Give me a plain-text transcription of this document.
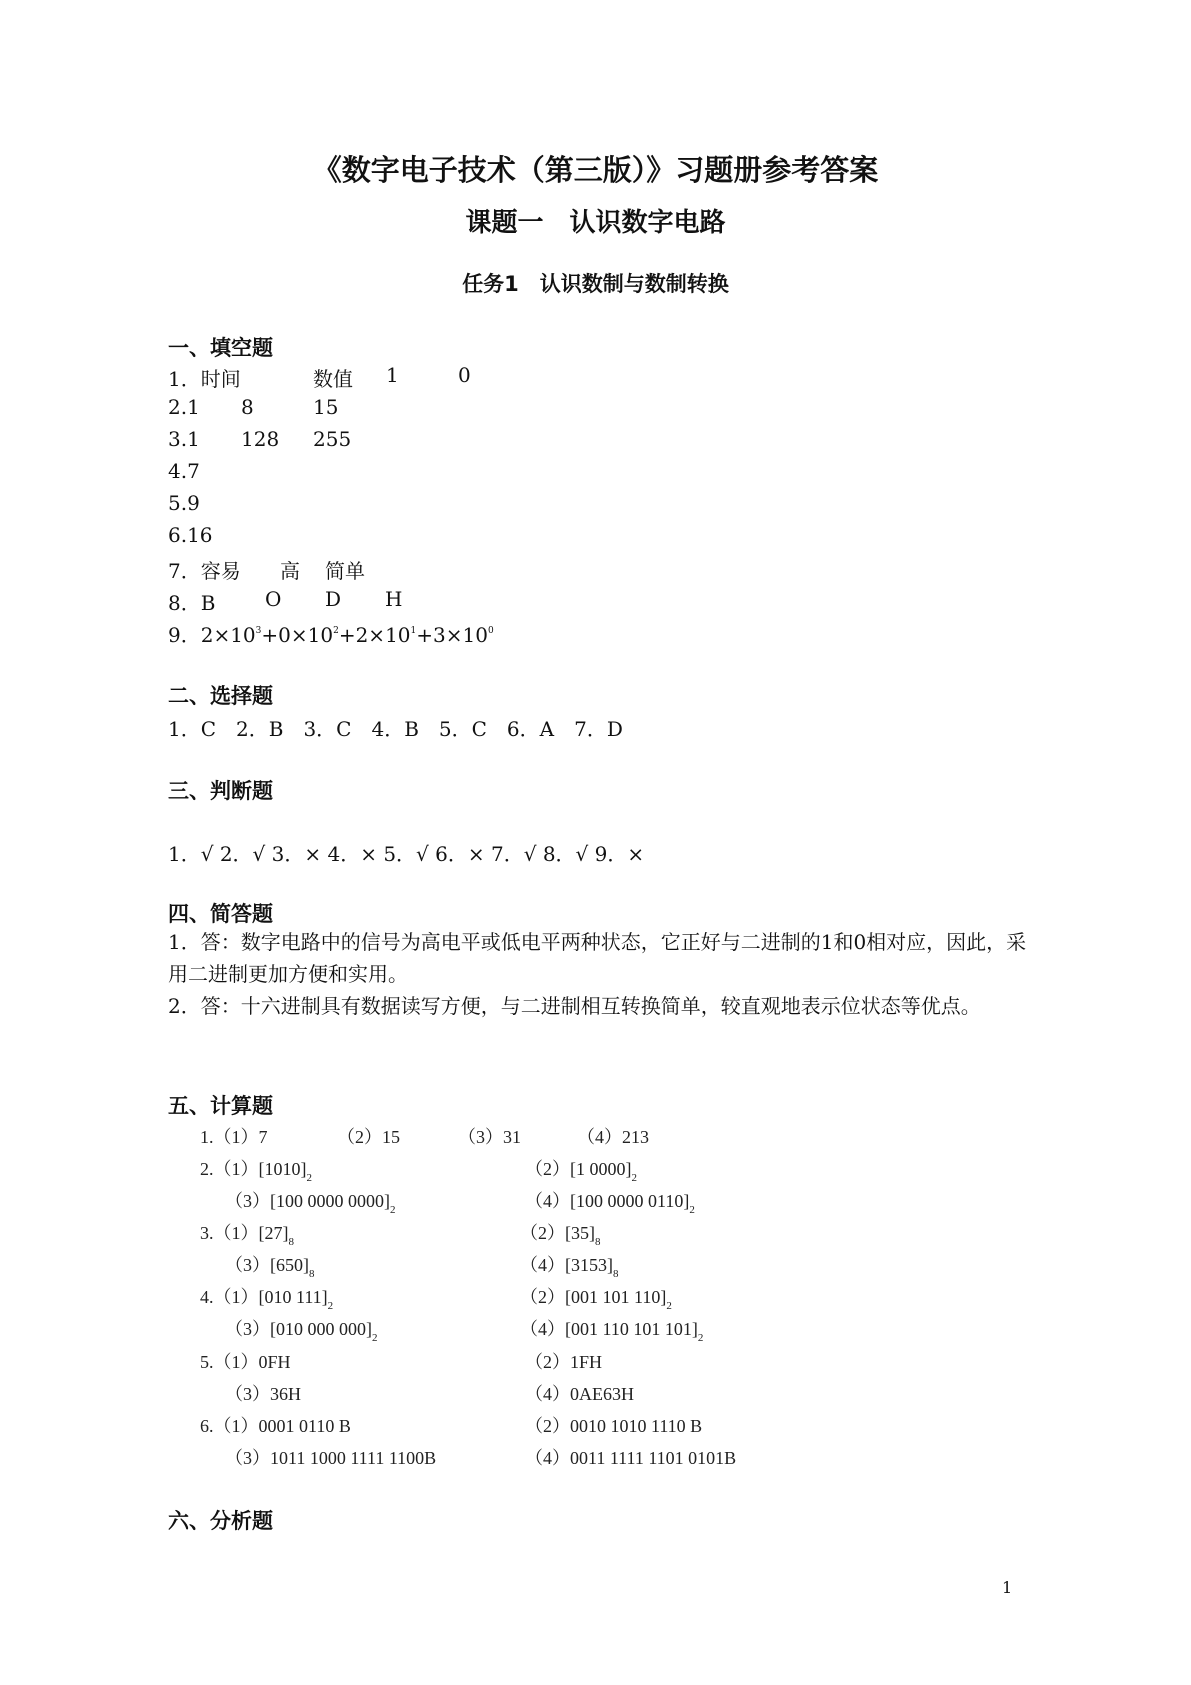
《数字电子技术（第三版）》习题册参考答案
课题一　认识数字电路
任务1　认识数制与数制转换
一、填空题
1．时间	数值 1	0
2.1 8	15
3.1 128 255
4.7
5.9
6.16
7．容易 高 简单
8．B O D H
9．$2\times 10^3+0\times 10^2+2\times 10^1+3\times 10^0$
二、选择题
1．C　2．B　3．C　4．B　5．C　6．A　7．D
三、判断题
1．√ 2．√ 3．× 4．× 5．√ 6．× 7．√ 8．√ 9．×
四、简答题
1．答：数字电路中的信号为高电平或低电平两种状态，它正好与二进制的1和0相对应，因此，采用二进制更加方便和实用。
2．答：十六进制具有数据读写方便，与二进制相互转换简单，较直观地表示位状态等优点。
五、计算题
1.（1）7	（2）15	（3）31	（4）213
$2.(1)[1010]_2$	（2）[1 $0000]_2$
（3）[100 0000 $0000]_2$	（4）[100 0000 $0110]_2$
$3.(1)[27]_8$	$(2)[35]_8$
$(3)[650]_8$	$(4)[3153]_8$
4.（1）[010 $111]_2$	（2）[001 101 $110]_2$
（3）[010 000 $000]_2$	（4）[001 110 101 $101]_2$
5.（1）0FH	（2）1FH
（3）36H	（4）0AE63H
6.（1）0001 0110 B	（2）0010 1010 1110 B
（3）1011 1000 1111 1100B	（4）0011 1111 1101 0101B
六、分析题
1
